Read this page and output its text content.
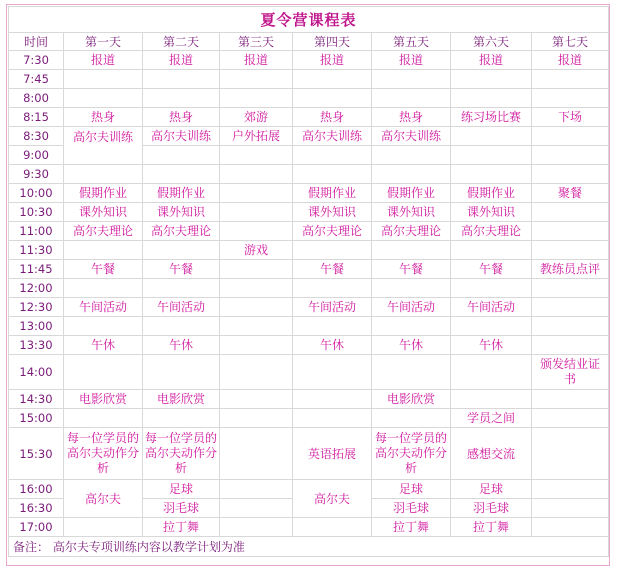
夏令营课程表							
时间	第一天	第二天	第三天	第四天	第五天	第六天	第七天
7:30	报道	报道	报道	报道	报道	报道	报道
7:45							
8:00							
8:15	热身	热身	郊游	热身	热身	练习场比赛	下场
8:30	高尔夫训练	高尔夫训练	户外拓展	高尔夫训练	高尔夫训练		
9:00							
9:30							
10:00	假期作业	假期作业		假期作业	假期作业	假期作业	聚餐
10:30	课外知识	课外知识		课外知识	课外知识	课外知识	
11:00	高尔夫理论	高尔夫理论		高尔夫理论	高尔夫理论	高尔夫理论	
11:30			游戏				
11:45	午餐	午餐		午餐	午餐	午餐	教练员点评
12:00							
12:30	午间活动	午间活动		午间活动	午间活动	午间活动	
13:00							
13:30	午休	午休		午休	午休	午休	
14:00							颁发结业证书
14:30	电影欣赏	电影欣赏			电影欣赏		
15:00						学员之间	
15:30	每一位学员的高尔夫动作分析	每一位学员的高尔夫动作分析		英语拓展	每一位学员的高尔夫动作分析	感想交流	
16:00	高尔夫	足球		高尔夫	足球	足球	
16:30		羽毛球			羽毛球	羽毛球	
17:00		拉丁舞			拉丁舞	拉丁舞	
备注： 高尔夫专项训练内容以教学计划为准							
